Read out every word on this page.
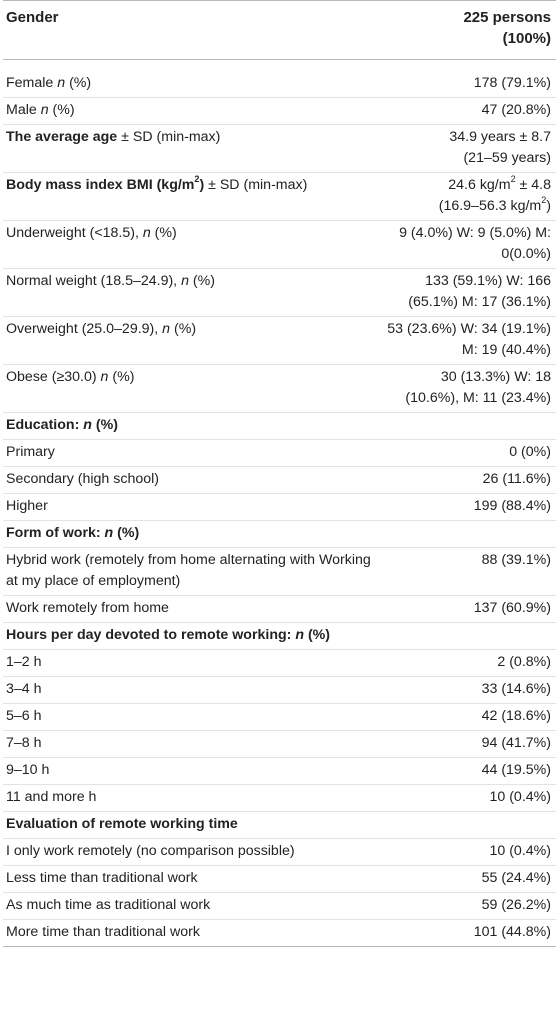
Gender	225 persons
(100%)
Female n (%)	178 (79.1%)
Male n (%)	47 (20.8%)
The average age ± SD (min-max)	34.9 years ± 8.7
(21–59 years)
Body mass index BMI $(kg/m^2)$ ± SD (min-max)	24.6 $kg/m^2 \pm 4.8$
(16.9–56.3 $kg/m^2$)
Underweight (<18.5), n (%)	9 (4.0%) W: 9 (5.0%) M: 0(0.0%)
Normal weight (18.5–24.9), n (%)	133 (59.1%) W: 166 (65.1%) M: 17 (36.1%)
Overweight (25.0–29.9), n (%)	53 (23.6%) W: 34 (19.1%) M: 19 (40.4%)
Obese (≥30.0) n (%)	30 (13.3%) W: 18 (10.6%), M: 11 (23.4%)
Education: n (%)	
Primary	0 (0%)
Secondary (high school)	26 (11.6%)
Higher	199 (88.4%)
Form of work: n (%)	
Hybrid work (remotely from home alternating with Working at my place of employment)	88 (39.1%)
Work remotely from home	137 (60.9%)
Hours per day devoted to remote working: n (%)	
1–2 h	2 (0.8%)
3–4 h	33 (14.6%)
5–6 h	42 (18.6%)
7–8 h	94 (41.7%)
9–10 h	44 (19.5%)
11 and more h	10 (0.4%)
Evaluation of remote working time	
I only work remotely (no comparison possible)	10 (0.4%)
Less time than traditional work	55 (24.4%)
As much time as traditional work	59 (26.2%)
More time than traditional work	101 (44.8%)
